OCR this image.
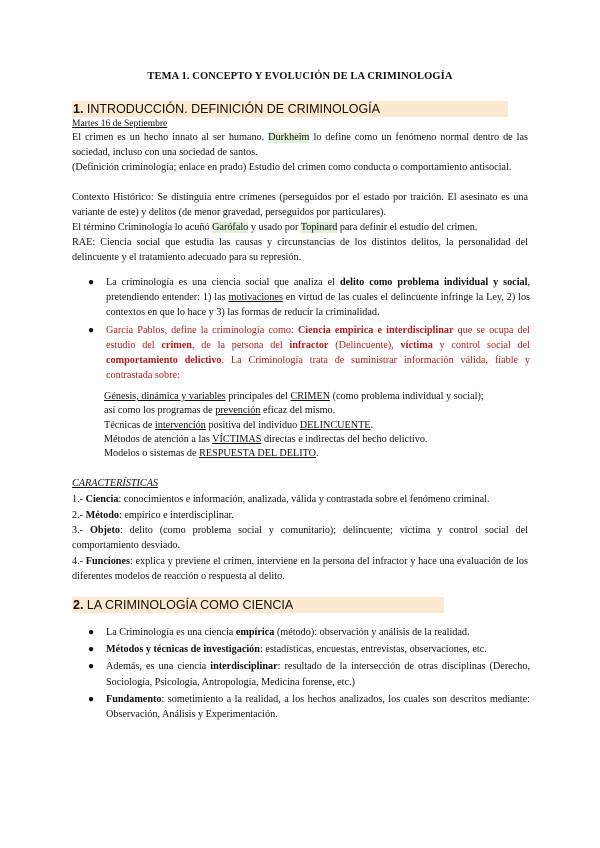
TEMA 1. CONCEPTO Y EVOLUCIÓN DE LA CRIMINOLOGÍA
1. INTRODUCCIÓN. DEFINICIÓN DE CRIMINOLOGÍA
Martes 16 de Septiembre
El crimen es un hecho innato al ser humano. Durkheim lo define como un fenómeno normal dentro de las sociedad, incluso con una sociedad de santos.
(Definición criminología; enlace en prado) Estudio del crimen como conducta o comportamiento antisocial.
Contexto Histórico: Se distinguía entre crímenes (perseguidos por el estado por traición. El asesinato es una variante de este) y delitos (de menor gravedad, perseguidos por particulares).
El término Criminología lo acuñó Garófalo y usado por Topinard para definir el estudio del crimen.
RAE: Ciencia social que estudia las causas y circunstancias de los distintos delitos, la personalidad del delincuente y el tratamiento adecuado para su represión.
● La criminología es una ciencia social que analiza el delito como problema individual y social, pretendiendo entender: 1) las motivaciones en virtud de las cuales el delincuente infringe la Ley, 2) los contextos en que lo hace y 3) las formas de reducir la criminalidad.
● García Pablos, define la criminología como: Ciencia empírica e interdisciplinar que se ocupa del estudio del crimen, de la persona del infractor (Delincuente), víctima y control social del comportamiento delictivo. La Criminología trata de suministrar información válida, fiable y contrastada sobre:
Génesis, dinámica y variables principales del CRIMEN (como problema individual y social);
así como los programas de prevención eficaz del mismo.
Técnicas de intervención positiva del individuo DELINCUENTE.
Métodos de atención a las VÍCTIMAS directas e indirectas del hecho delictivo.
Modelos o sistemas de RESPUESTA DEL DELITO.
CARACTERÍSTICAS

1.- Ciencia: conocimientos e información, analizada, válida y contrastada sobre el fenómeno criminal.

2.- Método: empírico e interdisciplinar.

3.- Objeto: delito (como problema social y comunitario); delincuente; víctima y control social del comportamiento desviado.

4.- Funciones: explica y previene el crimen, interviene en la persona del infractor y hace una evaluación de los diferentes modelos de reacción o respuesta al delito.

2. LA CRIMINOLOGÍA COMO CIENCIA
● La Criminología es una ciencia empírica (método): observación y análisis de la realidad.
● Métodos y técnicas de investigación: estadísticas, encuestas, entrevistas, observaciones, etc.
● Además, es una ciencia interdisciplinar: resultado de la intersección de otras disciplinas (Derecho, Sociología, Psicología, Antropología, Medicina forense, etc.)
● Fundamento: sometimiento a la realidad, a los hechos analizados, los cuales son descritos mediante: Observación, Análisis y Experimentación.
